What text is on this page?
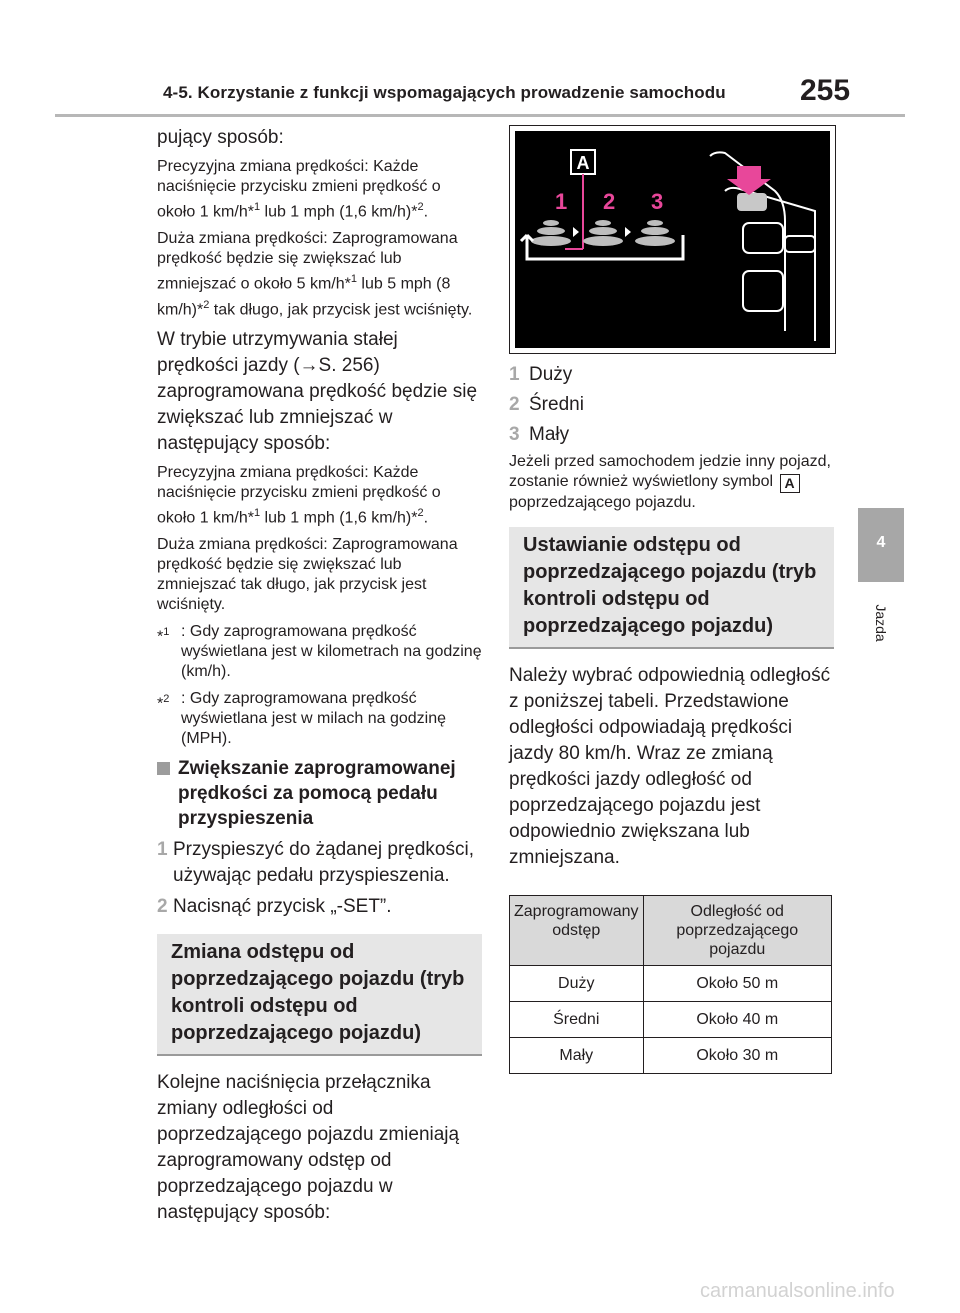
4-5. Korzystanie z funkcji wspomagających prowadzenie samochodu 255
4
Jazda

pujący sposób:

Precyzyjna zmiana prędkości: Każde naciśnięcie przycisku zmieni prędkość o około 1 km/h*$^1$ lub 1 mph (1,6 km/h)*$^2$.

Duża zmiana prędkości: Zaprogramowana prędkość będzie się zwiększać lub zmniejszać o około 5 km/h*$^1$ lub 5 mph (8 km/h)*$^2$ tak długo, jak przycisk jest wciśnięty.

W trybie utrzymywania stałej prędkości jazdy (→S. 256) zaprogramowana prędkość będzie się zwiększać lub zmniejszać w następujący sposób:

Precyzyjna zmiana prędkości: Każde naciśnięcie przycisku zmieni prędkość o około 1 km/h*$^1$ lub 1 mph (1,6 km/h)*$^2$.

Duża zmiana prędkości: Zaprogramowana prędkość będzie się zwiększać lub zmniejszać tak długo, jak przycisk jest wciśnięty.

*$^1$ : Gdy zaprogramowana prędkość wyświetlana jest w kilometrach na godzinę (km/h).
*$^2$ : Gdy zaprogramowana prędkość wyświetlana jest w milach na godzinę (MPH).
Zwiększanie zaprogramowanej prędkości za pomocą pedału przyspieszenia
1 Przyspieszyć do żądanej prędkości, używając pedału przyspieszenia.
2 Nacisnąć przycisk „-SET”.
Zmiana odstępu od poprzedzającego pojazdu (tryb kontroli odstępu od poprzedzającego pojazdu)

Kolejne naciśnięcia przełącznika zmiany odległości od poprzedzającego pojazdu zmieniają zaprogramowany odstęp od poprzedzającego pojazdu w następujący sposób:

A
1 2 3
1 Duży
2 Średni
3 Mały

Jeżeli przed samochodem jedzie inny pojazd, zostanie również wyświetlony symbol A poprzedzającego pojazdu.

Ustawianie odstępu od poprzedzającego pojazdu (tryb kontroli odstępu od poprzedzającego pojazdu)

Należy wybrać odpowiednią odległość z poniższej tabeli. Przedstawione odległości odpowiadają prędkości jazdy 80 km/h. Wraz ze zmianą prędkości jazdy odległość od poprzedzającego pojazdu jest odpowiednio zwiększana lub zmniejszana.

Zaprogramowany odstęp	Odległość od poprzedzającego pojazdu
Duży	Około 50 m
Średni	Około 40 m
Mały	Około 30 m
carmanualsonline.info
